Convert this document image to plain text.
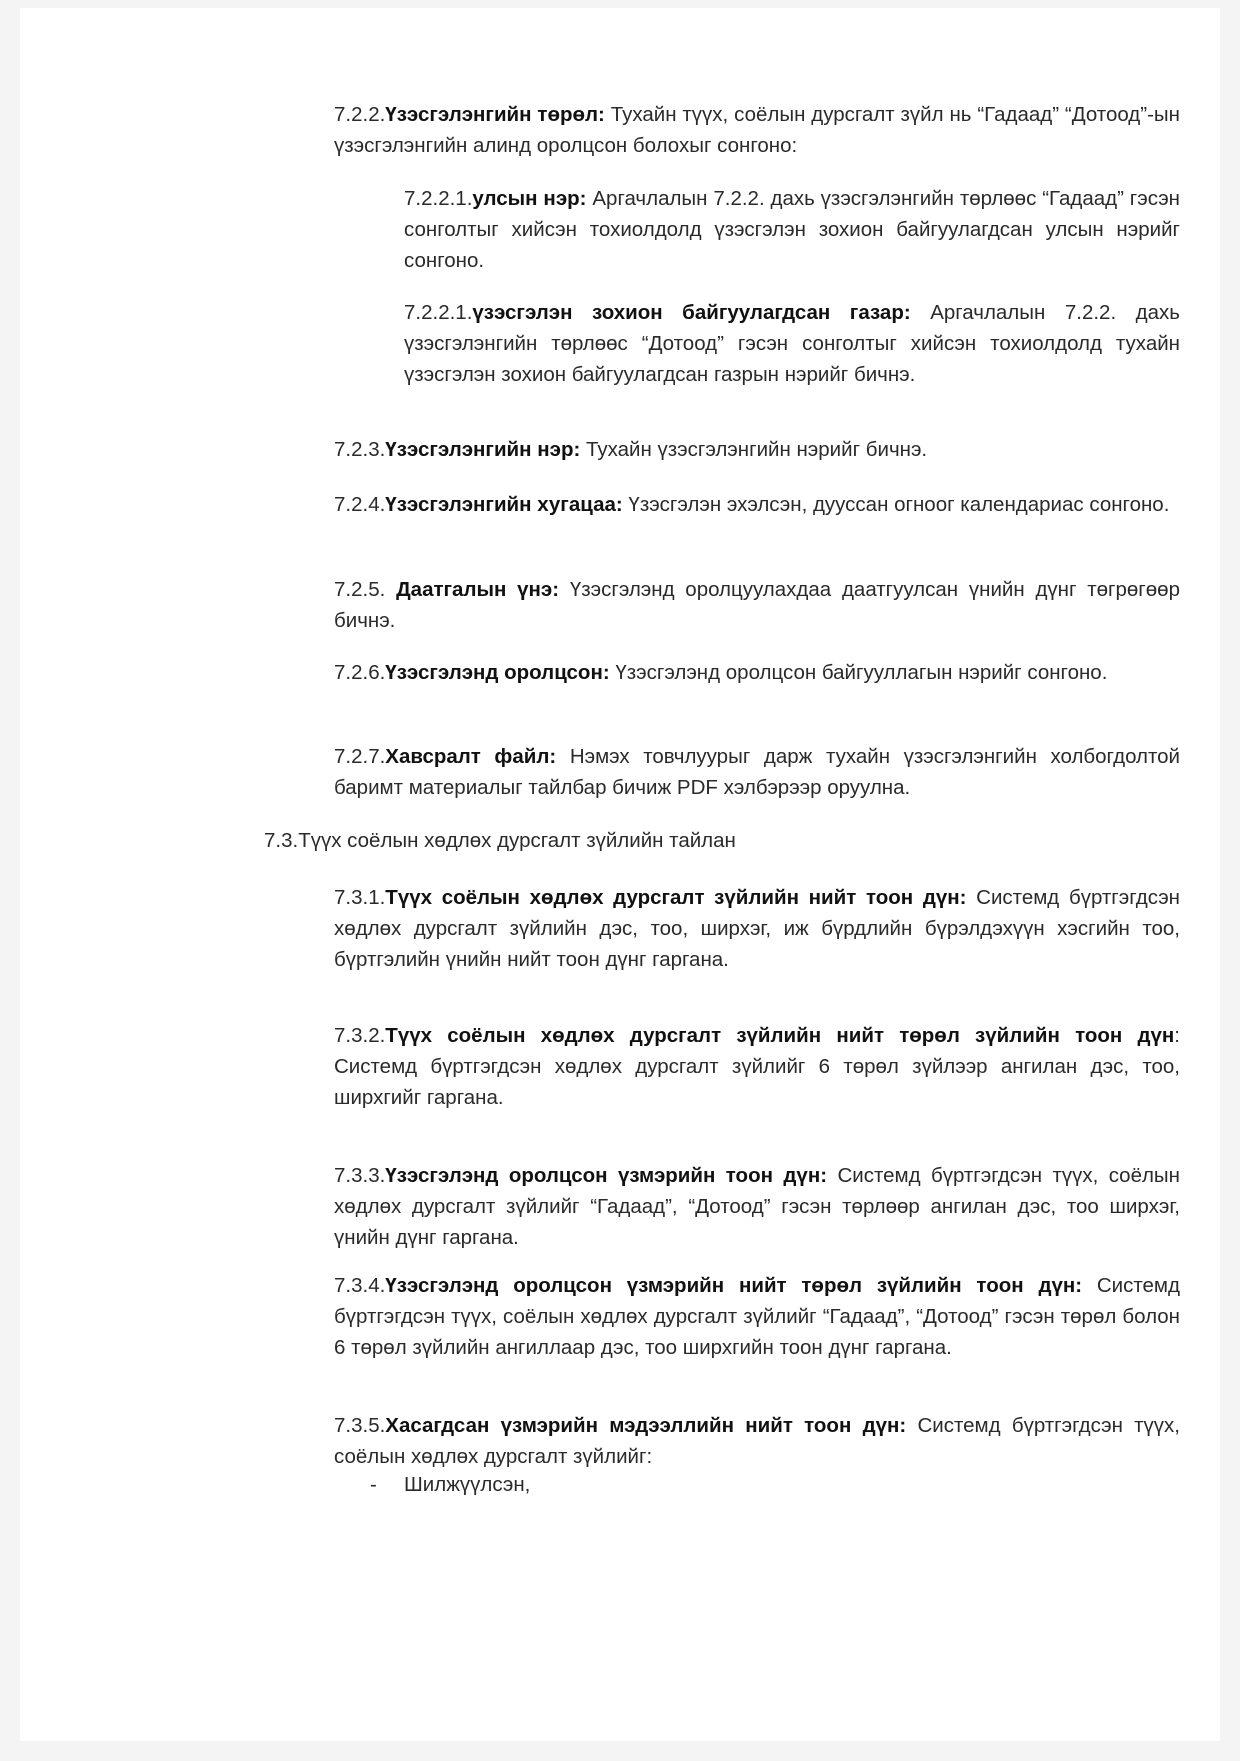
7.2.2.Үзэсгэлэнгийн төрөл: Тухайн түүх, соёлын дурсгалт зүйл нь “Гадаад” “Дотоод”-ын үзэсгэлэнгийн алинд оролцсон болохыг сонгоно:

7.2.2.1.улсын нэр: Аргачлалын 7.2.2. дахь үзэсгэлэнгийн төрлөөс “Гадаад” гэсэн сонголтыг хийсэн тохиолдолд үзэсгэлэн зохион байгуулагдсан улсын нэрийг сонгоно.

7.2.2.1.үзэсгэлэн зохион байгуулагдсан газар: Аргачлалын 7.2.2. дахь үзэсгэлэнгийн төрлөөс “Дотоод” гэсэн сонголтыг хийсэн тохиолдолд тухайн үзэсгэлэн зохион байгуулагдсан газрын нэрийг бичнэ.

7.2.3.Үзэсгэлэнгийн нэр: Тухайн үзэсгэлэнгийн нэрийг бичнэ.

7.2.4.Үзэсгэлэнгийн хугацаа: Үзэсгэлэн эхэлсэн, дууссан огноог календариас сонгоно.

7.2.5. Даатгалын үнэ: Үзэсгэлэнд оролцуулахдаа даатгуулсан үнийн дүнг төгрөгөөр бичнэ.

7.2.6.Үзэсгэлэнд оролцсон: Үзэсгэлэнд оролцсон байгууллагын нэрийг сонгоно.

7.2.7.Хавсралт файл: Нэмэх товчлуурыг дарж тухайн үзэсгэлэнгийн холбогдолтой баримт материалыг тайлбар бичиж PDF хэлбэрээр оруулна.

7.3.Түүх соёлын хөдлөх дурсгалт зүйлийн тайлан

7.3.1.Түүх соёлын хөдлөх дурсгалт зүйлийн нийт тоон дүн: Системд бүртгэгдсэн хөдлөх дурсгалт зүйлийн дэс, тоо, ширхэг, иж бүрдлийн бүрэлдэхүүн хэсгийн тоо, бүртгэлийн үнийн нийт тоон дүнг гаргана.

7.3.2.Түүх соёлын хөдлөх дурсгалт зүйлийн нийт төрөл зүйлийн тоон дүн: Системд бүртгэгдсэн хөдлөх дурсгалт зүйлийг 6 төрөл зүйлээр ангилан дэс, тоо, ширхгийг гаргана.

7.3.3.Үзэсгэлэнд оролцсон үзмэрийн тоон дүн: Системд бүртгэгдсэн түүх, соёлын хөдлөх дурсгалт зүйлийг “Гадаад”, “Дотоод” гэсэн төрлөөр ангилан дэс, тоо ширхэг, үнийн дүнг гаргана.

7.3.4.Үзэсгэлэнд оролцсон үзмэрийн нийт төрөл зүйлийн тоон дүн: Системд бүртгэгдсэн түүх, соёлын хөдлөх дурсгалт зүйлийг “Гадаад”, “Дотоод” гэсэн төрөл болон 6 төрөл зүйлийн ангиллаар дэс, тоо ширхгийн тоон дүнг гаргана.

7.3.5.Хасагдсан үзмэрийн мэдээллийн нийт тоон дүн: Системд бүртгэгдсэн түүх, соёлын хөдлөх дурсгалт зүйлийг:

- Шилжүүлсэн,
